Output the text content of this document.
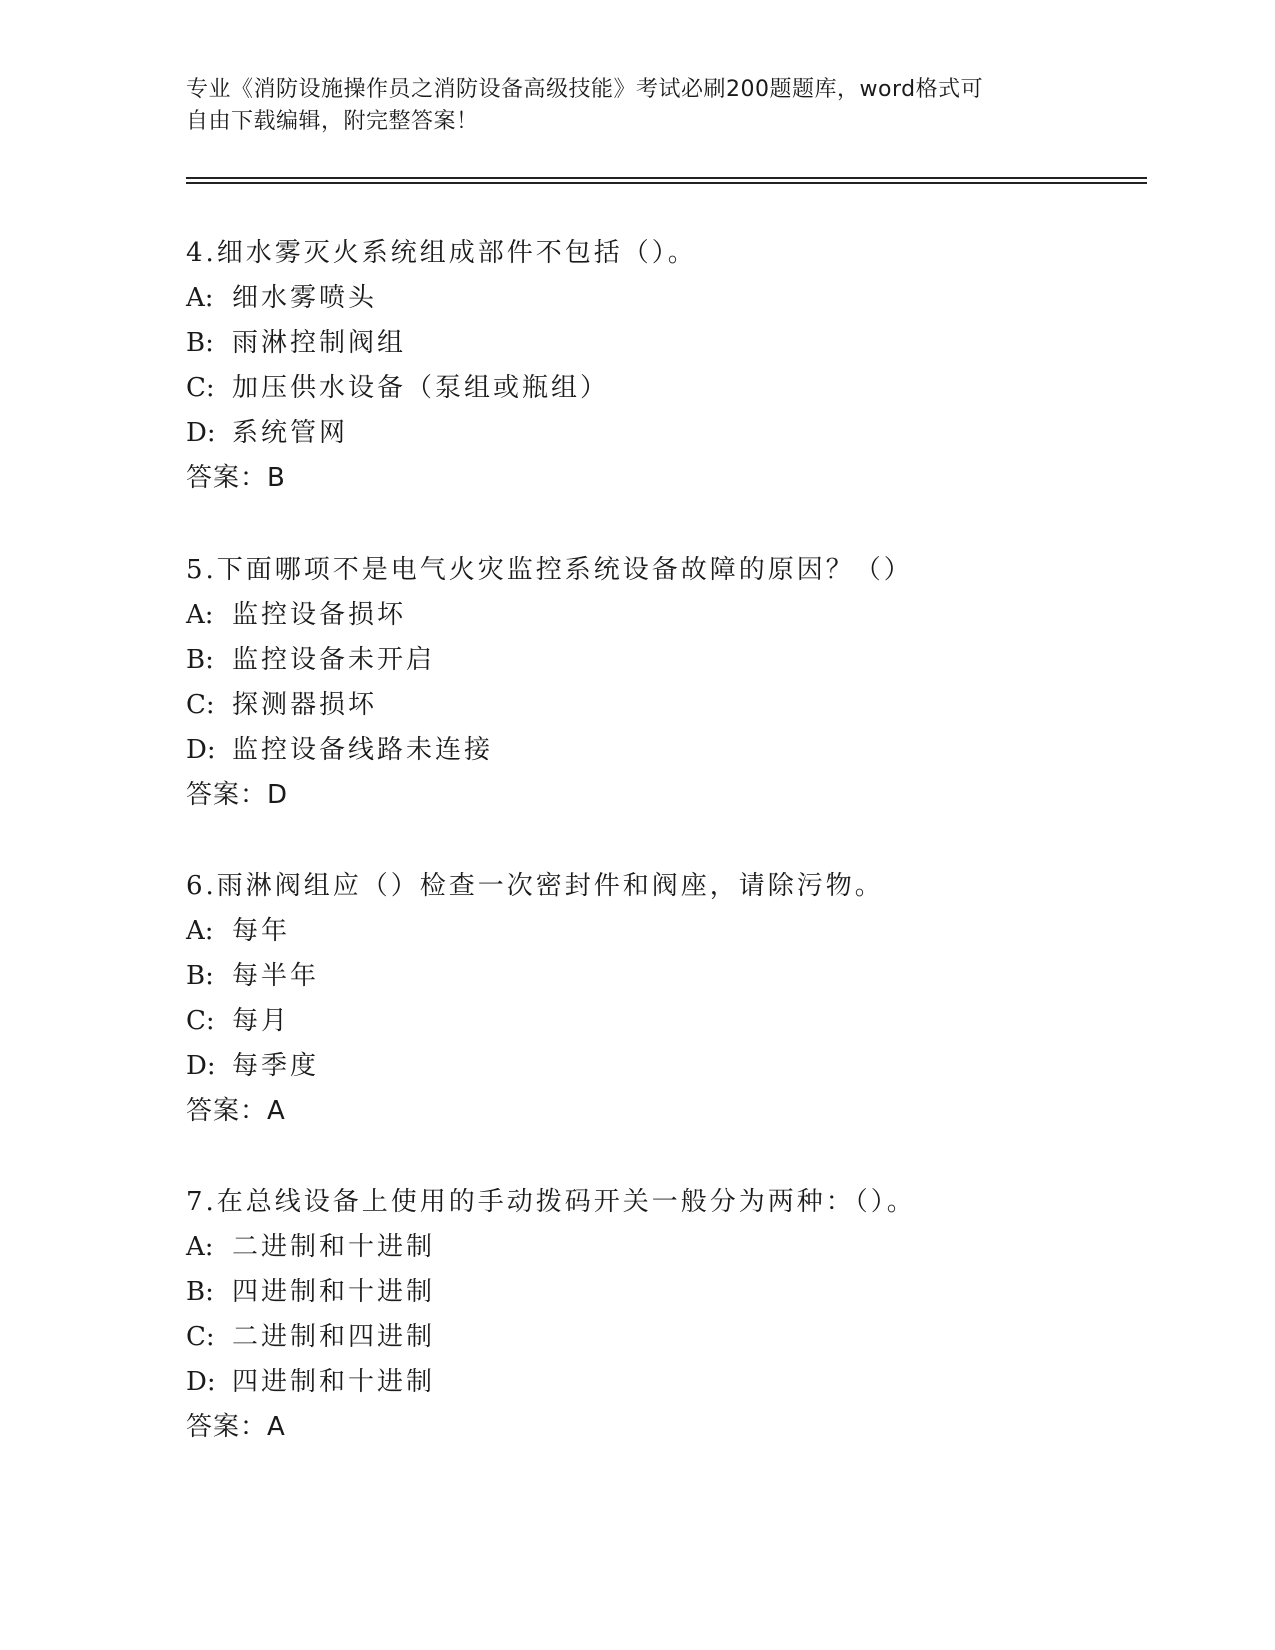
专业《消防设施操作员之消防设备高级技能》考试必刷200题题库，word格式可
自由下载编辑，附完整答案！
4.细水雾灭火系统组成部件不包括（）。
A: 细水雾喷头
B: 雨淋控制阀组
C: 加压供水设备（泵组或瓶组）
D: 系统管网
答案：B
5.下面哪项不是电气火灾监控系统设备故障的原因？（）
A: 监控设备损坏
B: 监控设备未开启
C: 探测器损坏
D: 监控设备线路未连接
答案：D
6.雨淋阀组应（）检查一次密封件和阀座，请除污物。
A: 每年
B: 每半年
C: 每月
D: 每季度
答案：A
7.在总线设备上使用的手动拨码开关一般分为两种：（）。
A: 二进制和十进制
B: 四进制和十进制
C: 二进制和四进制
D: 四进制和十进制
答案：A
